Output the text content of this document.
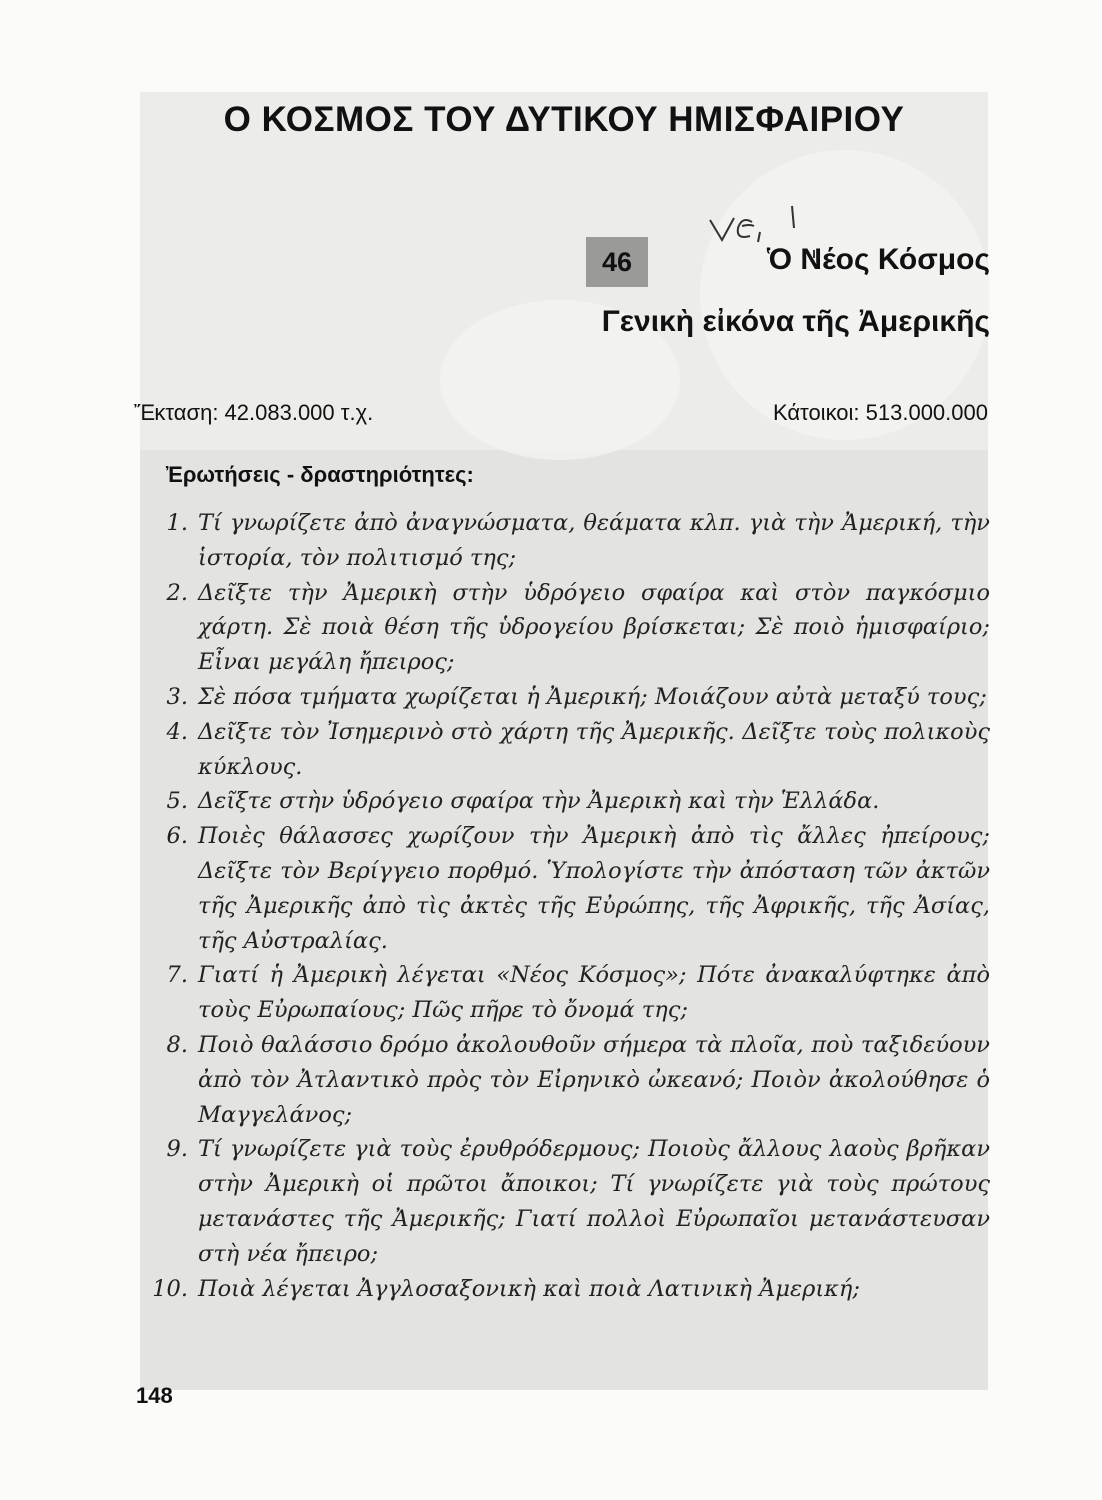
Ο ΚΟΣΜΟΣ ΤΟΥ ΔΥΤΙΚΟΥ ΗΜΙΣΦΑΙΡΙΟΥ
46	Ὁ Νέος Κόσμος
Γενικὴ εἰκόνα τῆς Ἀμερικῆς
Ἔκταση: 42.083.000 τ.χ.	Κάτοικοι: 513.000.000
Ἐρωτήσεις - δραστηριότητες:
1. Τί γνωρίζετε ἀπὸ ἀναγνώσματα, θεάματα κλπ. γιὰ τὴν Ἀμερική, τὴν ἱστορία, τὸν πολιτισμό της;
2. Δεῖξτε τὴν Ἀμερικὴ στὴν ὑδρόγειο σφαίρα καὶ στὸν παγκόσμιο χάρτη. Σὲ ποιὰ θέση τῆς ὑδρογείου βρίσκεται; Σὲ ποιὸ ἡμισφαίριο; Εἶναι μεγάλη ἤπειρος;
3. Σὲ πόσα τμήματα χωρίζεται ἡ Ἀμερική; Μοιάζουν αὐτὰ μεταξύ τους;
4. Δεῖξτε τὸν Ἰσημερινὸ στὸ χάρτη τῆς Ἀμερικῆς. Δεῖξτε τοὺς πολικοὺς κύκλους.
5. Δεῖξτε στὴν ὑδρόγειο σφαίρα τὴν Ἀμερικὴ καὶ τὴν Ἑλλάδα.
6. Ποιὲς θάλασσες χωρίζουν τὴν Ἀμερικὴ ἀπὸ τὶς ἄλλες ἠπείρους; Δεῖξτε τὸν Βερίγγειο πορθμό. Ὑπολογίστε τὴν ἀπόσταση τῶν ἀκτῶν τῆς Ἀμερικῆς ἀπὸ τὶς ἀκτὲς τῆς Εὐρώπης, τῆς Ἀφρικῆς, τῆς Ἀσίας, τῆς Αὐστραλίας.
7. Γιατί ἡ Ἀμερικὴ λέγεται «Νέος Κόσμος»; Πότε ἀνακαλύφτηκε ἀπὸ τοὺς Εὐρωπαίους; Πῶς πῆρε τὸ ὄνομά της;
8. Ποιὸ θαλάσσιο δρόμο ἀκολουθοῦν σήμερα τὰ πλοῖα, ποὺ ταξιδεύουν ἀπὸ τὸν Ἀτλαντικὸ πρὸς τὸν Εἰρηνικὸ ὠκεανό; Ποιὸν ἀκολούθησε ὁ Μαγγελάνος;
9. Τί γνωρίζετε γιὰ τοὺς ἐρυθρόδερμους; Ποιοὺς ἄλλους λαοὺς βρῆκαν στὴν Ἀμερικὴ οἱ πρῶτοι ἄποικοι; Τί γνωρίζετε γιὰ τοὺς πρώτους μετανάστες τῆς Ἀμερικῆς; Γιατί πολλοὶ Εὐρωπαῖοι μετανάστευσαν στὴ νέα ἤπειρο;
10. Ποιὰ λέγεται Ἀγγλοσαξονικὴ καὶ ποιὰ Λατινικὴ Ἀμερική;
148
